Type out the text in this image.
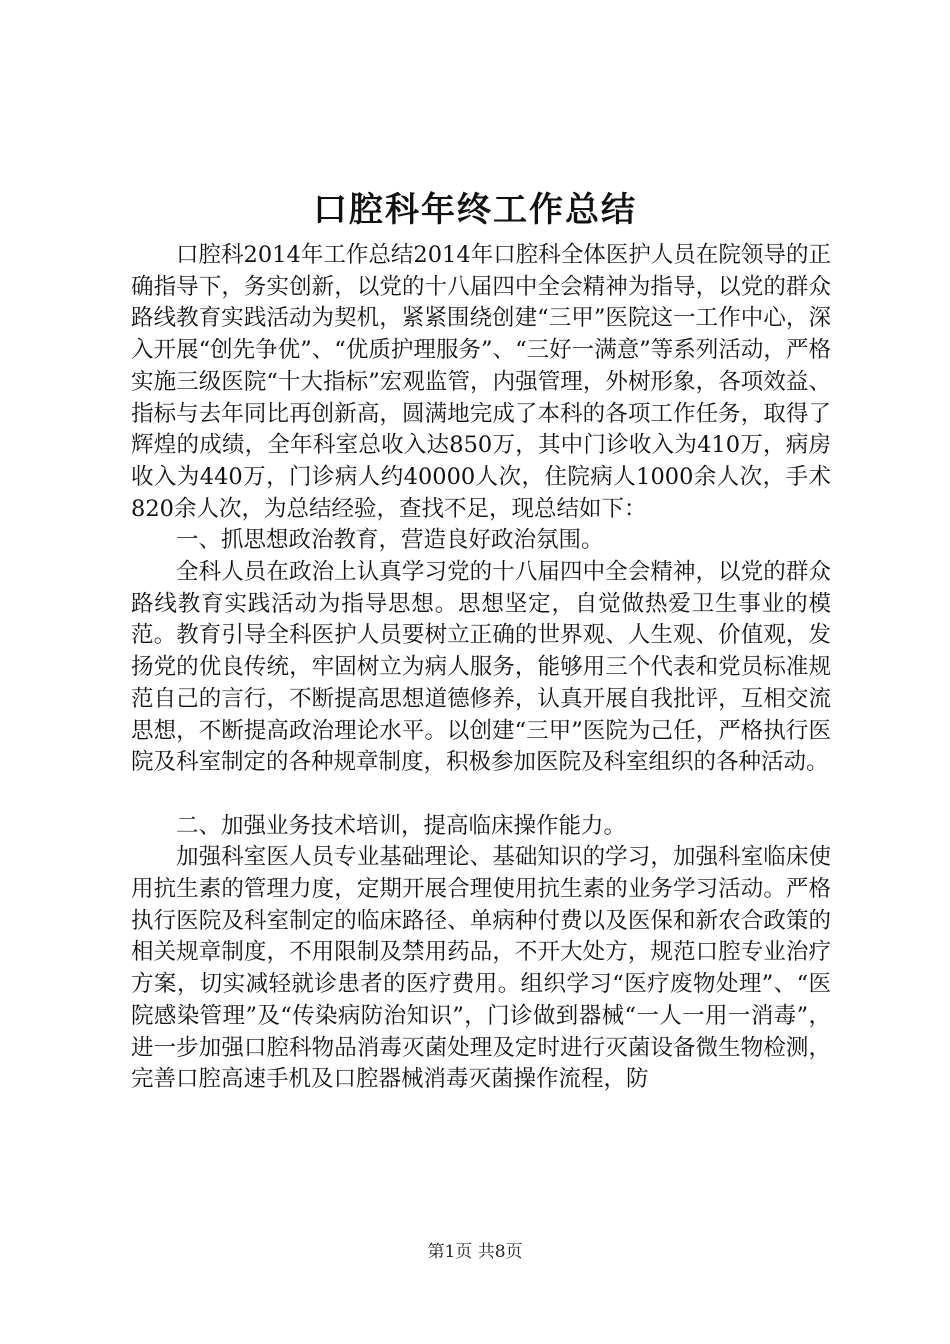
口腔科年终工作总结

口腔科2014年工作总结2014年口腔科全体医护人员在院领导的正确指导下，务实创新，以党的十八届四中全会精神为指导，以党的群众路线教育实践活动为契机，紧紧围绕创建“三甲”医院这一工作中心，深入开展“创先争优”、“优质护理服务”、“三好一满意”等系列活动，严格实施三级医院“十大指标”宏观监管，内强管理，外树形象，各项效益、指标与去年同比再创新高，圆满地完成了本科的各项工作任务，取得了辉煌的成绩，全年科室总收入达850万，其中门诊收入为410万，病房收入为440万，门诊病人约40000人次，住院病人1000余人次，手术820余人次，为总结经验，查找不足，现总结如下：

一、抓思想政治教育，营造良好政治氛围。

全科人员在政治上认真学习党的十八届四中全会精神，以党的群众路线教育实践活动为指导思想。思想坚定，自觉做热爱卫生事业的模范。教育引导全科医护人员要树立正确的世界观、人生观、价值观，发扬党的优良传统，牢固树立为病人服务，能够用三个代表和党员标准规范自己的言行，不断提高思想道德修养，认真开展自我批评，互相交流思想，不断提高政治理论水平。以创建“三甲”医院为己任，严格执行医院及科室制定的各种规章制度，积极参加医院及科室组织的各种活动。

二、加强业务技术培训，提高临床操作能力。

加强科室医人员专业基础理论、基础知识的学习，加强科室临床使用抗生素的管理力度，定期开展合理使用抗生素的业务学习活动。严格执行医院及科室制定的临床路径、单病种付费以及医保和新农合政策的相关规章制度，不用限制及禁用药品，不开大处方，规范口腔专业治疗方案，切实减轻就诊患者的医疗费用。组织学习“医疗废物处理”、“医院感染管理”及“传染病防治知识”，门诊做到器械“一人一用一消毒”，进一步加强口腔科物品消毒灭菌处理及定时进行灭菌设备微生物检测，完善口腔高速手机及口腔器械消毒灭菌操作流程，防

第1页 共8页
